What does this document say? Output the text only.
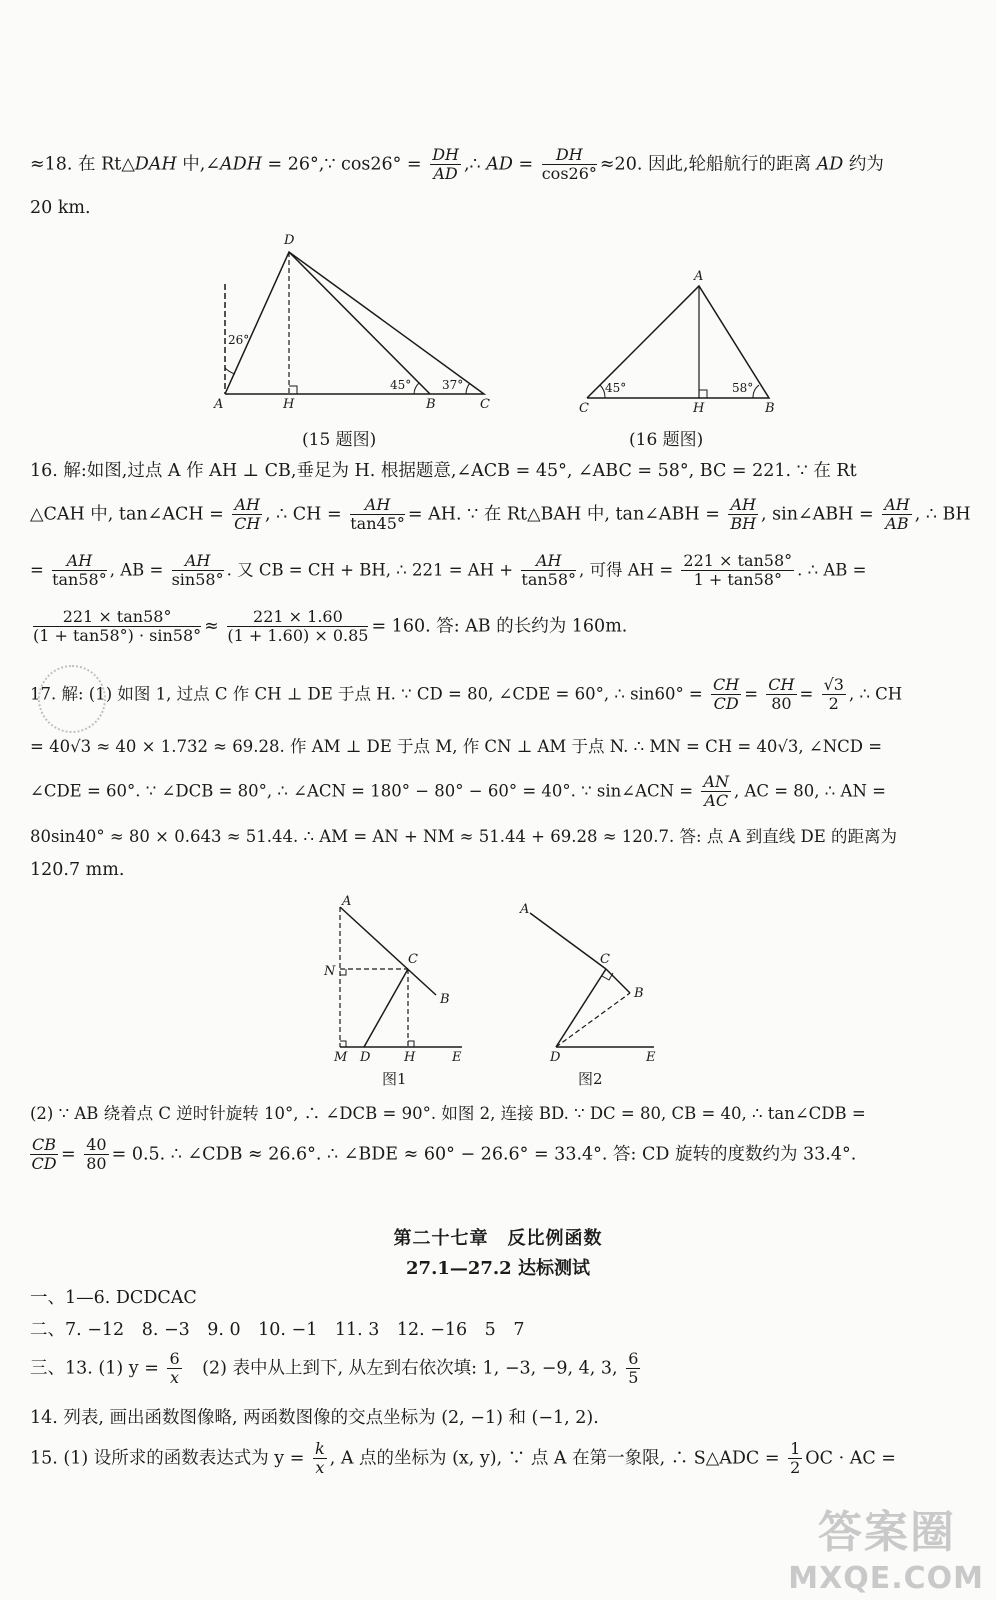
≈18. 在 Rt△DAH 中,∠ADH = 26°,∵ $\cos 26^\circ = \frac{DH}{AD}$ ,∴ AD = $\frac{DH}{\cos 26^\circ} \approx 20$. 因此,轮船航行的距离 AD 约为
20 km.
D
A	H	B	C
26°
45°	37°
(15 题图)
A
C	H	B
45°	58°
(16 题图)
16. 解:如图,过点 A 作 AH ⊥ CB,垂足为 H. 根据题意,∠ACB = 45°, ∠ABC = 58°, BC = 221. ∵ 在 Rt
△CAH 中, tan∠ACH = $\frac{AH}{CH}$ , ∴ CH = $\frac{AH}{\tan 45^\circ}$ = AH. ∵ 在 Rt△BAH 中, tan∠ABH = $\frac{AH}{BH}$ , sin∠ABH = $\frac{AH}{AB}$ , ∴ BH
= $\frac{AH}{\tan 58^\circ}$ , AB = $\frac{AH}{\sin 58^\circ}$ . 又 CB = CH + BH, ∴ 221 = AH + $\frac{AH}{\tan 58^\circ}$ , 可得 AH = $\frac{221 \times \tan 58^\circ}{1 + \tan 58^\circ}$ . ∴ AB =
$\frac{221 \times \tan 58^\circ}{(1 + \tan 58^\circ) \cdot \sin 58^\circ} \approx \frac{221 \times 1.60}{(1 + 1.60) \times 0.85} = 160$. 答: AB 的长约为 160m.
17. 解: (1) 如图 1, 过点 C 作 CH ⊥ DE 于点 H. ∵ CD = 80, ∠CDE = 60°, ∴ $\sin 60^\circ = \frac{CH}{CD} = \frac{CH}{80} = \frac{√3}{2}$ , ∴ CH
= 40√3 ≈ 40 × 1.732 ≈ 69.28. 作 AM ⊥ DE 于点 M, 作 CN ⊥ AM 于点 N. ∴ MN = CH = 40√3, ∠NCD =
∠CDE = 60°. ∵ ∠DCB = 80°, ∴ ∠ACN = 180° − 80° − 60° = 40°. ∵ sin∠ACN = $\frac{AN}{AC}$ , AC = 80, ∴ AN =
80sin40° ≈ 80 × 0.643 ≈ 51.44. ∴ AM = AN + NM ≈ 51.44 + 69.28 ≈ 120.7. 答: 点 A 到直线 DE 的距离为
120.7 mm.
A
N
C
B
M D	H	E
图1
A
C
B
D	E
图2
(2) ∵ AB 绕着点 C 逆时针旋转 10°, ∴ ∠DCB = 90°. 如图 2, 连接 BD. ∵ DC = 80, CB = 40, ∴ tan∠CDB =
$\frac{CB}{CD} = \frac{40}{80} = 0.5$. ∴ ∠CDB ≈ 26.6°. ∴ ∠BDE ≈ 60° − 26.6° = 33.4°. 答: CD 旋转的度数约为 33.4°.
第二十七章　反比例函数
27.1—27.2 达标测试
一、1—6. DCDCAC
二、7. −12　8. −3　9. 0　10. −1　11. 3　12. −16　5　7
三、13. (1) $y = \frac{6}{x}$ 　(2) 表中从上到下, 从左到右依次填: 1, −3, −9, 4, 3, $\frac{6}{5}$
14. 列表, 画出函数图像略, 两函数图像的交点坐标为 (2, −1) 和 (−1, 2).
15. (1) 设所求的函数表达式为 $y = \frac{k}{x}$ , A 点的坐标为 (x, y), ∵ 点 A 在第一象限, ∴ S△ADC = $\frac{1}{2}$ OC · AC =
答案圈
MXQE.COM
